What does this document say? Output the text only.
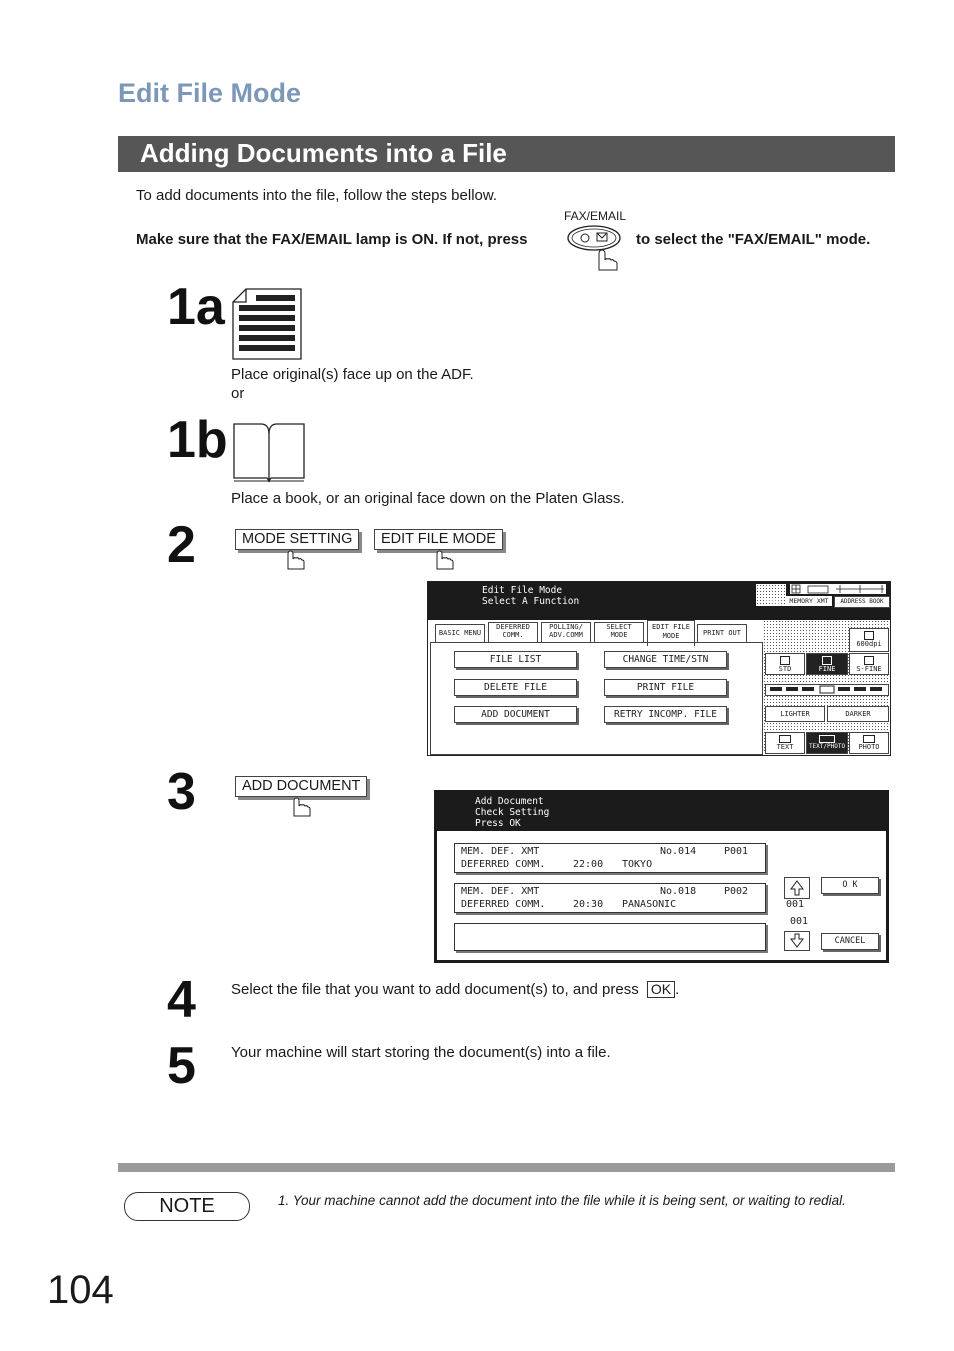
Edit File Mode
Adding Documents into a File
To add documents into the file, follow the steps bellow.
Make sure that the FAX/EMAIL lamp is ON. If not, press
FAX/EMAIL
to select the "FAX/EMAIL" mode.
1a
Place original(s) face up on the ADF.
or
1b
Place a book, or an original face down on the Platen Glass.
2	MODE SETTING	EDIT FILE MODE
Edit File Mode
Select A Function	TIFF	MEMORY XMT	ADDRESS BOOK
BASIC MENU
DEFERRED
COMM.
POLLING/
ADV.COMM
SELECT
MODE
EDIT FILE
MODE	PRINT OUT
FILE LIST	CHANGE TIME/STN
DELETE FILE	PRINT FILE
ADD DOCUMENT	RETRY INCOMP. FILE
600dpi
STD	FINE	S-FINE
LIGHTER	DARKER
TEXT	TEXT/PHOTO	PHOTO
3	ADD DOCUMENT
Add Document
Check Setting
Press OK
MEM. DEF. XMT	No.014	P001
DEFERRED COMM.	22:00 TOKYO
MEM. DEF. XMT	No.018	P002
DEFERRED COMM.	20:30 PANASONIC	001
001
O K
CANCEL
4 Select the file that you want to add document(s) to, and press OK .
5 Your machine will start storing the document(s) into a file.
NOTE	1. Your machine cannot add the document into the file while it is being sent, or waiting to redial.
104
